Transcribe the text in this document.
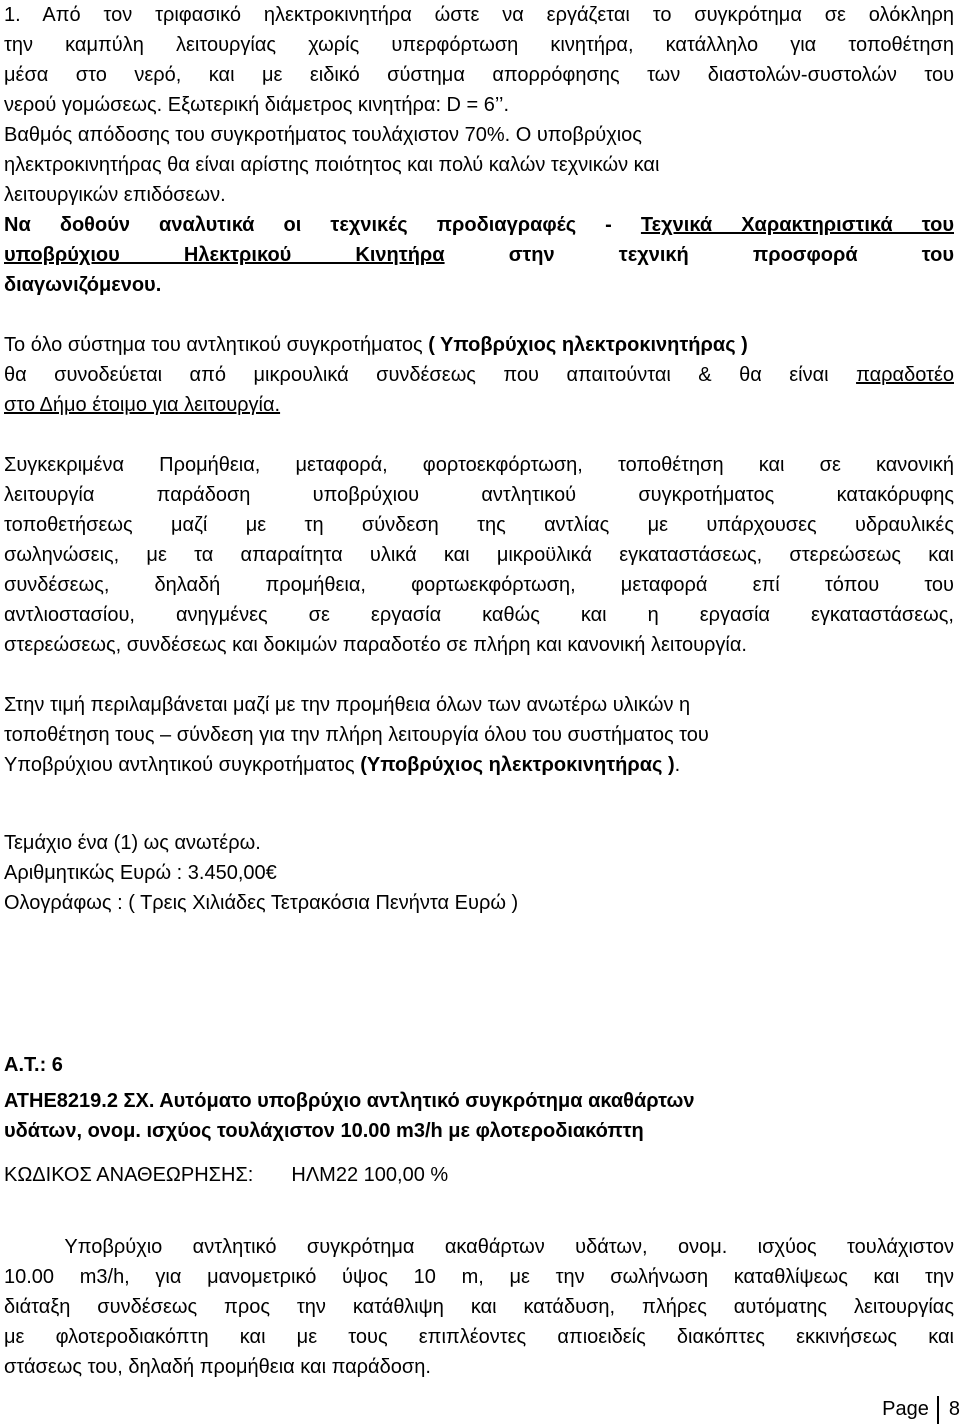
1. Από τον τριφασικό ηλεκτροκινητήρα ώστε να εργάζεται το συγκρότημα σε ολόκληρη
την καμπύλη λειτουργίας χωρίς υπερφόρτωση κινητήρα, κατάλληλο για τοποθέτηση
μέσα στο νερό, και με ειδικό σύστημα απορρόφησης των διαστολών-συστολών του
νερού γομώσεως. Εξωτερική διάμετρος κινητήρα: D = 6’’.
Βαθμός απόδοσης του συγκροτήματος τουλάχιστον 70%. Ο υποβρύχιος
ηλεκτροκινητήρας θα είναι αρίστης ποιότητος και πολύ καλών τεχνικών και
λειτουργικών επιδόσεων.
Να δοθούν αναλυτικά οι τεχνικές προδιαγραφές - Τεχνικά Χαρακτηριστικά του
υποβρύχιου Ηλεκτρικού Κινητήρα στην τεχνική προσφορά του
διαγωνιζόμενου.
Το όλο σύστημα του αντλητικού συγκροτήματος ( Υποβρύχιος ηλεκτροκινητήρας )
θα συνοδεύεται από μικρουλικά συνδέσεως που απαιτούνται & θα είναι παραδοτέο
στο Δήμο έτοιμο για λειτουργία.
Συγκεκριμένα Προμήθεια, μεταφορά, φορτοεκφόρτωση, τοποθέτηση και σε κανονική
λειτουργία παράδοση υποβρύχιου αντλητικού συγκροτήματος κατακόρυφης
τοποθετήσεως μαζί με τη σύνδεση της αντλίας με υπάρχουσες υδραυλικές
σωληνώσεις, με τα απαραίτητα υλικά και μικροϋλικά εγκαταστάσεως, στερεώσεως και
συνδέσεως, δηλαδή προμήθεια, φορτωεκφόρτωση, μεταφορά επί τόπου του
αντλιοστασίου, ανηγμένες σε εργασία καθώς και η εργασία εγκαταστάσεως,
στερεώσεως, συνδέσεως και δοκιμών παραδοτέο σε πλήρη και κανονική λειτουργία.
Στην τιμή περιλαμβάνεται μαζί με την προμήθεια όλων των ανωτέρω υλικών η
τοποθέτηση τους – σύνδεση για την πλήρη λειτουργία όλου του συστήματος του
Υποβρύχιου αντλητικού συγκροτήματος (Υποβρύχιος ηλεκτροκινητήρας ).
Τεμάχιο ένα (1) ως ανωτέρω.
Αριθμητικώς Ευρώ : 3.450,00€
Ολογράφως : ( Τρεις Χιλιάδες Τετρακόσια Πενήντα Ευρώ )
Α.Τ.: 6
ΑΤΗΕ8219.2 ΣΧ. Αυτόματο υποβρύχιο αντλητικό συγκρότημα ακαθάρτων
υδάτων, ονομ. ισχύος τουλάχιστον 10.00 m3/h με φλοτεροδιακόπτη
ΚΩΔΙΚΟΣ ΑΝΑΘΕΩΡΗΣΗΣ: ΗΛΜ22 100,00 %
Υποβρύχιο αντλητικό συγκρότημα ακαθάρτων υδάτων, ονομ. ισχύος τουλάχιστον
10.00 m3/h, για μανομετρικό ύψος 10 m, με την σωλήνωση καταθλίψεως και την
διάταξη συνδέσεως προς την κατάθλιψη και κατάδυση, πλήρες αυτόματης λειτουργίας
με φλοτεροδιακόπτη και με τους επιπλέοντες απιοειδείς διακόπτες εκκινήσεως και
στάσεως του, δηλαδή προμήθεια και παράδοση.
Page 8
